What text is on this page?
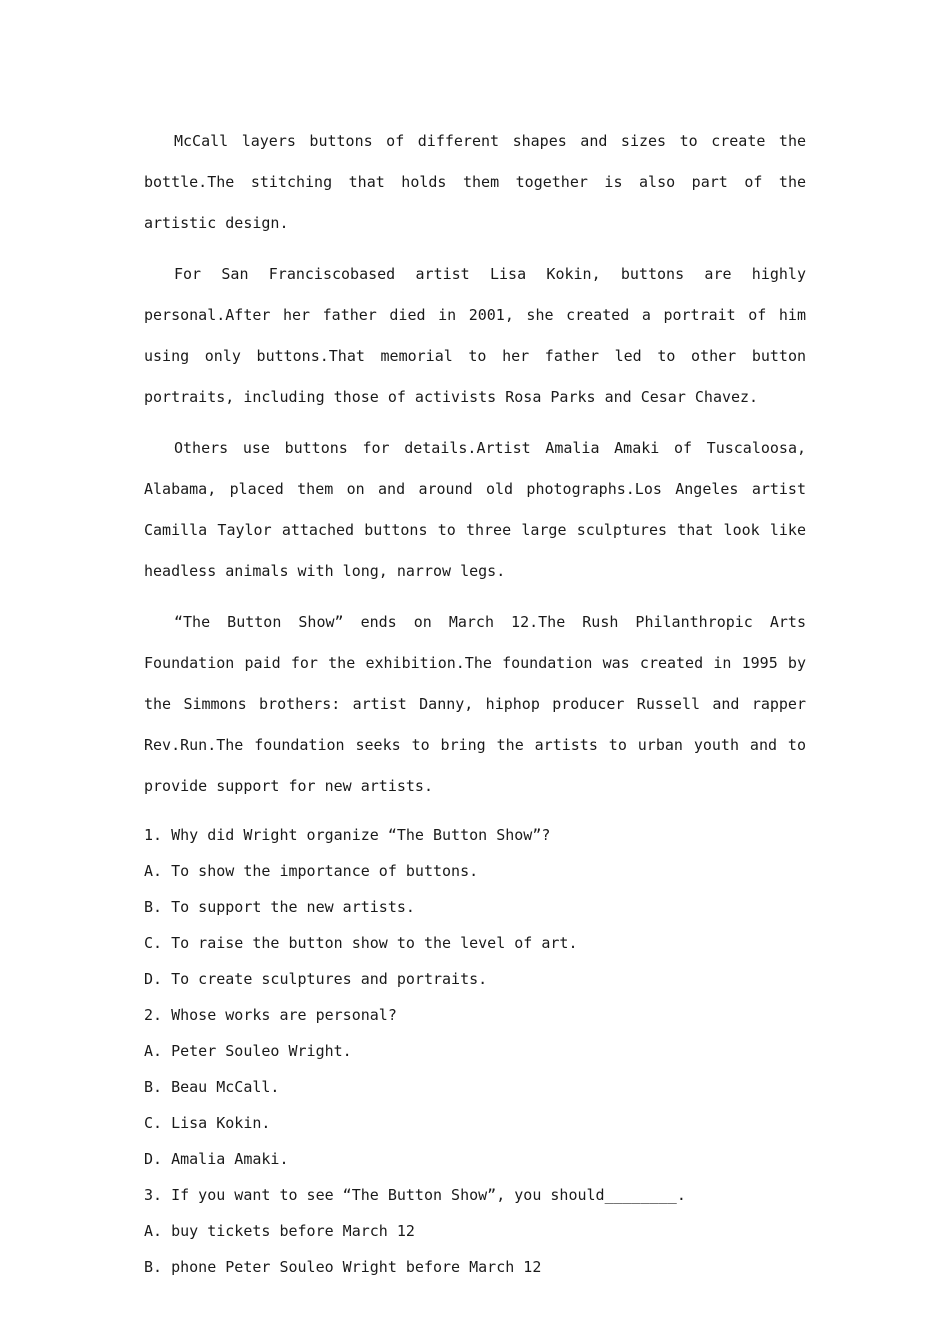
McCall layers buttons of different shapes and sizes to create the bottle.The stitching that holds them together is also part of the artistic design.

For San Franciscobased artist Lisa Kokin, buttons are highly personal.After her father died in 2001, she created a portrait of him using only buttons.That memorial to her father led to other button portraits, including those of activists Rosa Parks and Cesar Chavez.

Others use buttons for details.Artist Amalia Amaki of Tuscaloosa, Alabama, placed them on and around old photographs.Los Angeles artist Camilla Taylor attached buttons to three large sculptures that look like headless animals with long, narrow legs.

“The Button Show” ends on March 12.The Rush Philanthropic Arts Foundation paid for the exhibition.The foundation was created in 1995 by the Simmons brothers: artist Danny, hiphop producer Russell and rapper Rev.Run.The foundation seeks to bring the artists to urban youth and to provide support for new artists.

1. Why did Wright organize “The Button Show”?

A. To show the importance of buttons.

B. To support the new artists.

C. To raise the button show to the level of art.

D. To create sculptures and portraits.

2. Whose works are personal?

A. Peter Souleo Wright.

B. Beau McCall.

C. Lisa Kokin.

D. Amalia Amaki.

3. If you want to see “The Button Show”, you should________.

A. buy tickets before March 12

B. phone Peter Souleo Wright before March 12
